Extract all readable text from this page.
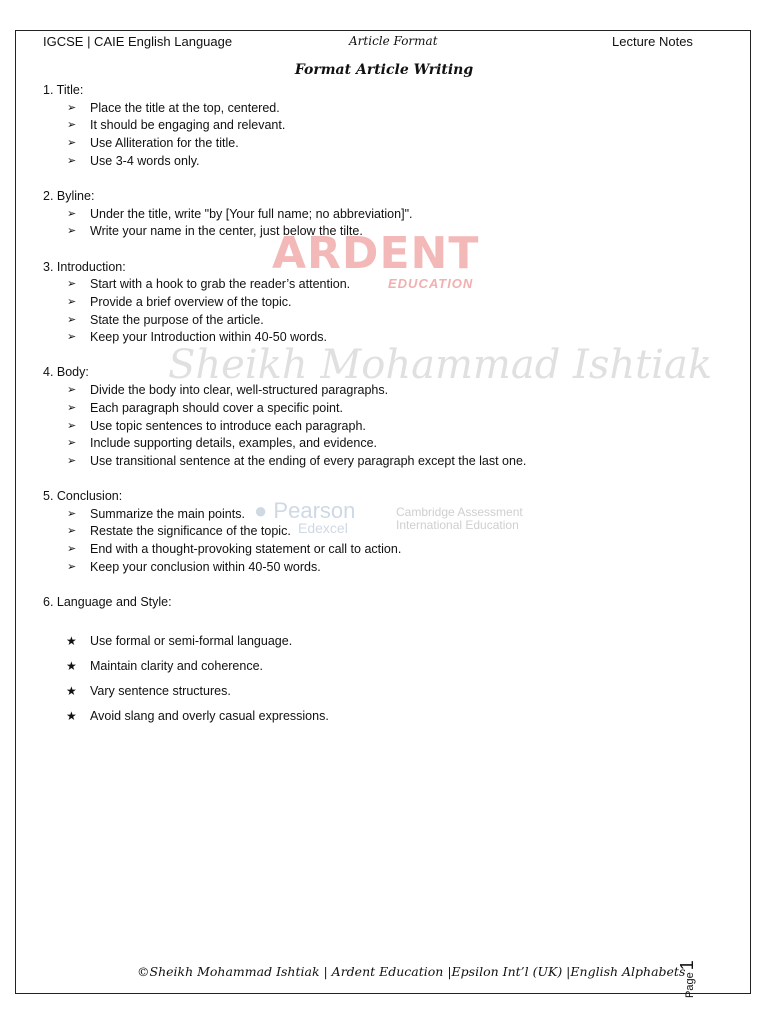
ARDENT
EDUCATION
Sheikh Mohammad Ishtiak
● Pearson
Edexcel
Cambridge Assessment
International Education
IGCSE | CAIE English Language	Article Format	Lecture Notes
Format Article Writing
1. Title:
➢ Place the title at the top, centered.
➢ It should be engaging and relevant.
➢ Use Alliteration for the title.
➢ Use 3-4 words only.
2. Byline:
➢ Under the title, write "by [Your full name; no abbreviation]".
➢ Write your name in the center, just below the tilte.
3. Introduction:
➢ Start with a hook to grab the reader’s attention.
➢ Provide a brief overview of the topic.
➢ State the purpose of the article.
➢ Keep your Introduction within 40-50 words.
4. Body:
➢ Divide the body into clear, well-structured paragraphs.
➢ Each paragraph should cover a specific point.
➢ Use topic sentences to introduce each paragraph.
➢ Include supporting details, examples, and evidence.
➢ Use transitional sentence at the ending of every paragraph except the last one.
5. Conclusion:
➢ Summarize the main points.
➢ Restate the significance of the topic.
➢ End with a thought-provoking statement or call to action.
➢ Keep your conclusion within 40-50 words.
6. Language and Style:
★ Use formal or semi-formal language.
★ Maintain clarity and coherence.
★ Vary sentence structures.
★ Avoid slang and overly casual expressions.
©Sheikh Mohammad Ishtiak | Ardent Education |Epsilon Int’l (UK) |English Alphabets
Page
1
